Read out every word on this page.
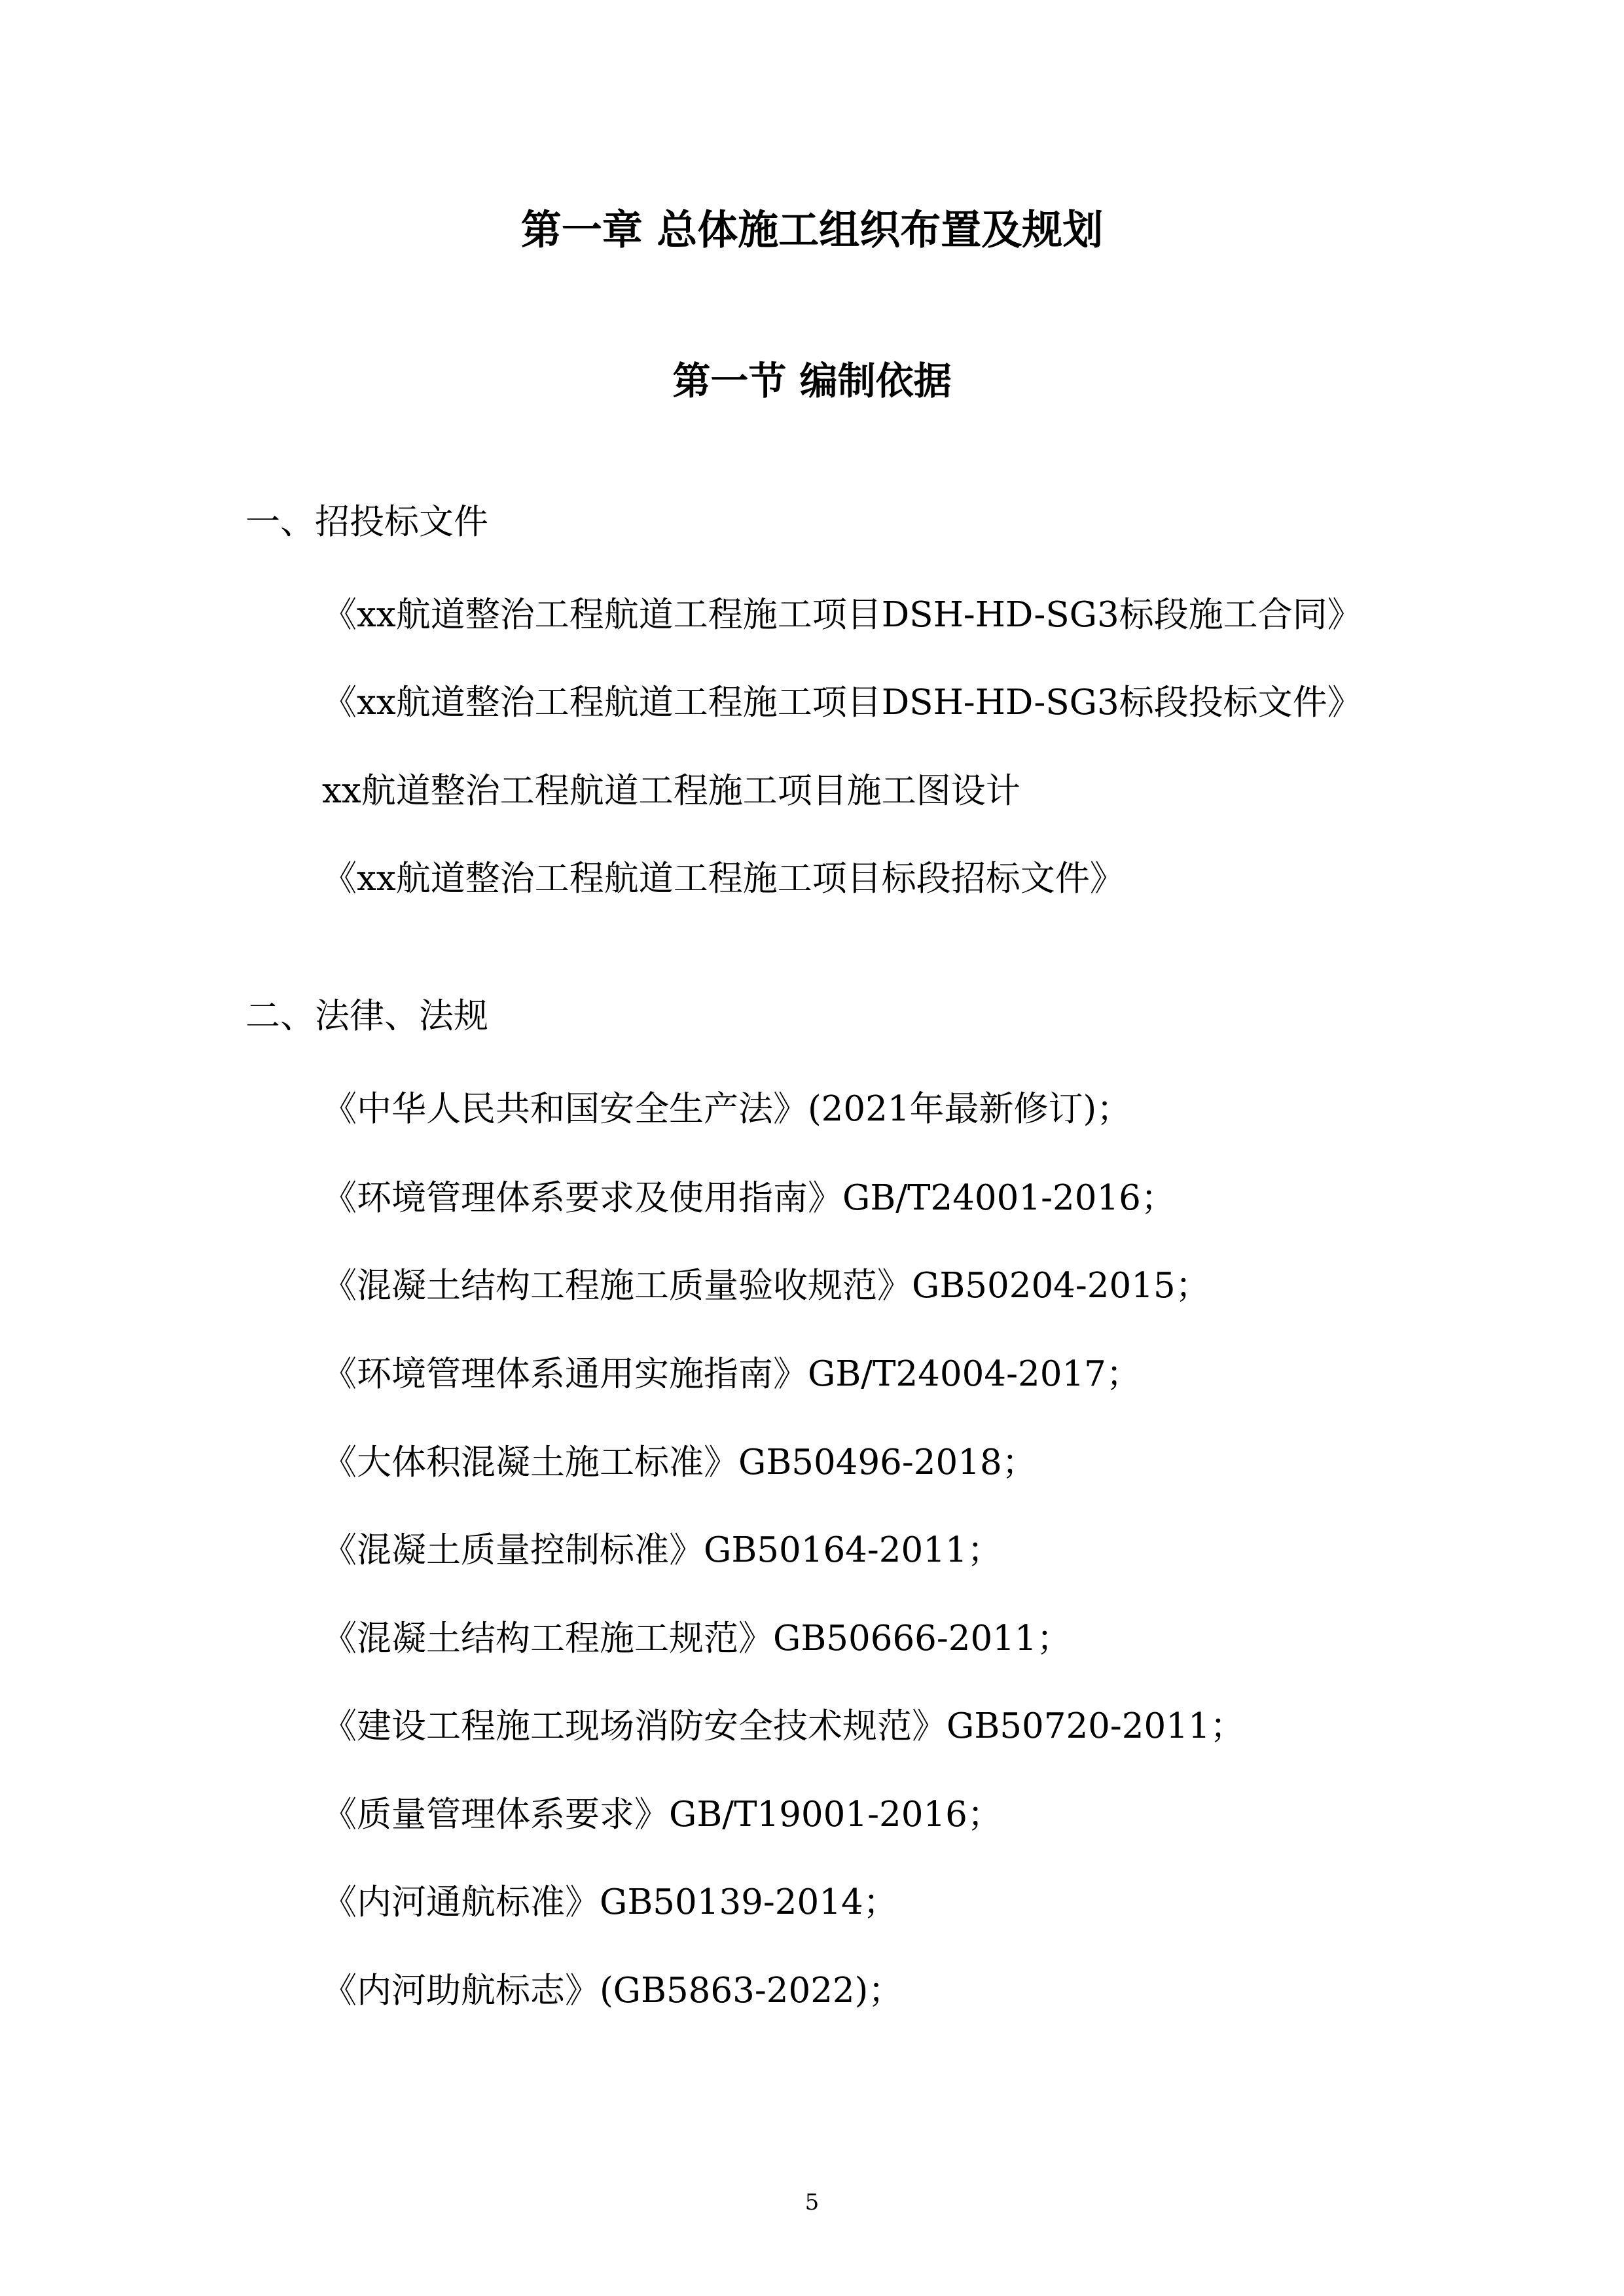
第一章 总体施工组织布置及规划
第一节 编制依据
一、招投标文件
《xx航道整治工程航道工程施工项目DSH-HD-SG3标段施工合同》
《xx航道整治工程航道工程施工项目DSH-HD-SG3标段投标文件》
xx航道整治工程航道工程施工项目施工图设计
《xx航道整治工程航道工程施工项目标段招标文件》
二、法律、法规
《中华人民共和国安全生产法》(2021年最新修订)；
《环境管理体系要求及使用指南》GB/T24001-2016；
《混凝土结构工程施工质量验收规范》GB50204-2015；
《环境管理体系通用实施指南》GB/T24004-2017；
《大体积混凝土施工标准》GB50496-2018；
《混凝土质量控制标准》GB50164-2011；
《混凝土结构工程施工规范》GB50666-2011；
《建设工程施工现场消防安全技术规范》GB50720-2011；
《质量管理体系要求》GB/T19001-2016；
《内河通航标准》GB50139-2014；
《内河助航标志》(GB5863-2022)；
5
